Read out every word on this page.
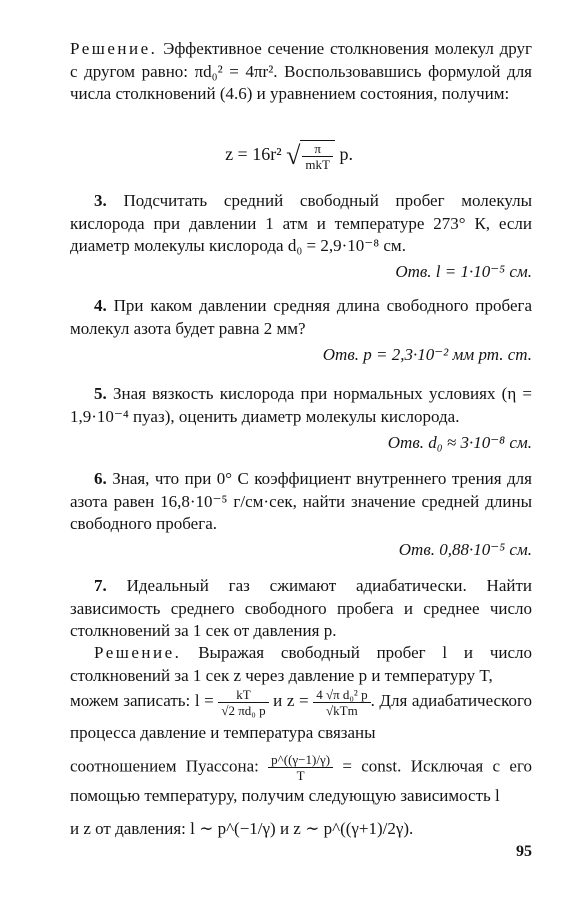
Решение. Эффективное сечение столкновения молекул друг с другом равно: πd₀² = 4πr². Воспользовавшись формулой для числа столкновений (4.6) и уравнением состояния, получим:
z = 16r² √ $\frac{\pi}{\text{mkT}} p$.
3. Подсчитать средний свободный пробег молекулы кислорода при давлении 1 атм и температуре 273° К, если диаметр молекулы кислорода d₀ = 2,9·10⁻⁸ см.
Отв. l = 1·10⁻⁵ см.
4. При каком давлении средняя длина свободного пробега молекул азота будет равна 2 мм?
Отв. p = 2,3·10⁻² мм рт. ст.
5. Зная вязкость кислорода при нормальных условиях (η = 1,9·10⁻⁴ пуаз), оценить диаметр молекулы кислорода.
Отв. d₀ ≈ 3·10⁻⁸ см.
6. Зная, что при 0° С коэффициент внутреннего трения для азота равен 16,8·10⁻⁵ г/см·сек, найти значение средней длины свободного пробега.
Отв. 0,88·10⁻⁵ см.
7. Идеальный газ сжимают адиабатически. Найти зависимость среднего свободного пробега и среднее число столкновений за 1 сек от давления p.
Решение. Выражая свободный пробег l и число столкновений за 1 сек z через давление p и температуру T,
можем записать: $l = \frac{kT}{\text{√2 πd₀ p}}$ и $z = \frac{\text{4 √π d₀² p}}{\text{√kTm}}$ . Для адиабатического процесса давление и температура связаны
соотношением Пуассона: $\frac{p\^{}((\gamma-1)/\gamma)}{T}$ = const. Исключая с его помощью температуру, получим следующую зависимость l
и z от давления: l ∼ p^(−1/γ) и z ∼ p^((γ+1)/2γ).
95
